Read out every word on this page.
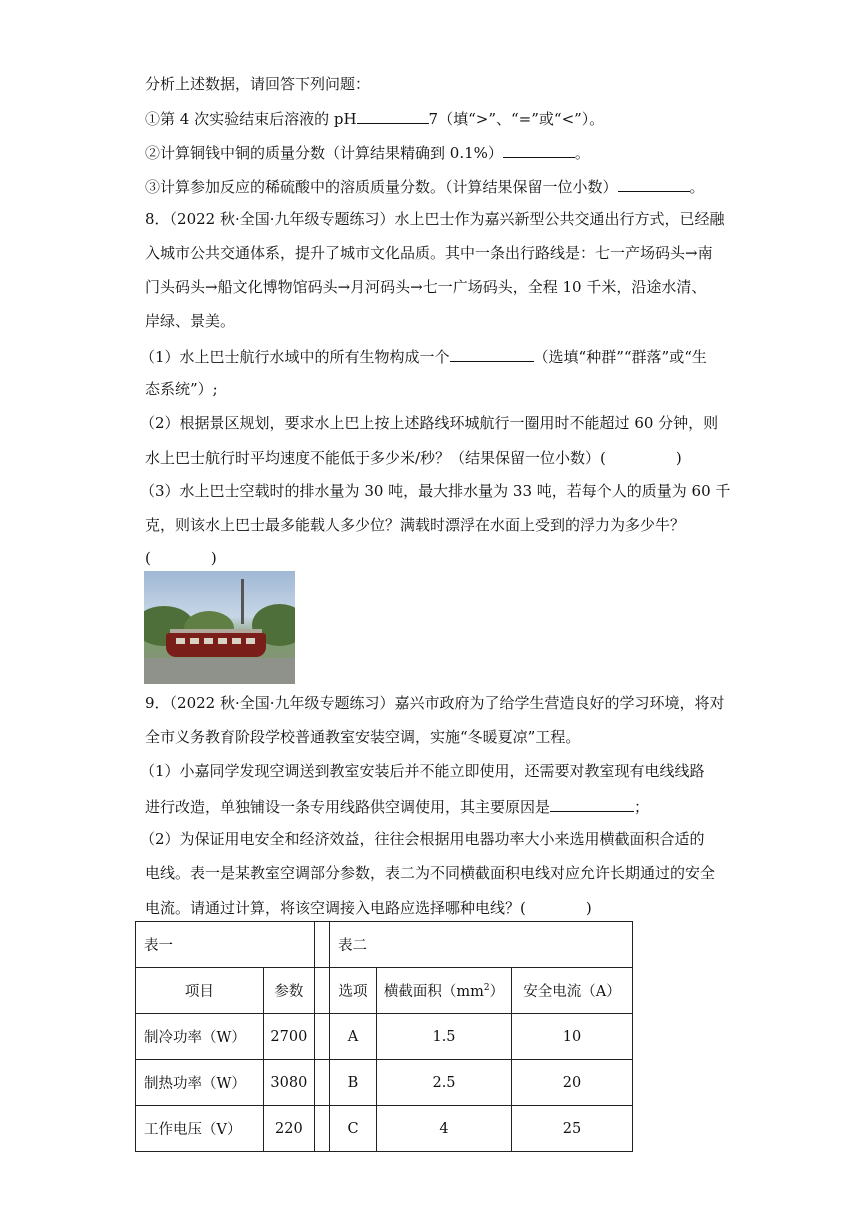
分析上述数据，请回答下列问题：
①第 4 次实验结束后溶液的 pH	7（填“>”、“=”或“<”）。
②计算铜钱中铜的质量分数（计算结果精确到 0.1%）	。
③计算参加反应的稀硫酸中的溶质质量分数。（计算结果保留一位小数）	。
8．（2022 秋·全国·九年级专题练习）水上巴士作为嘉兴新型公共交通出行方式，已经融
入城市公共交通体系，提升了城市文化品质。其中一条出行路线是：七一产场码头→南
门头码头→船文化博物馆码头→月河码头→七一广场码头，全程 10 千米，沿途水清、
岸绿、景美。
（1）水上巴士航行水域中的所有生物构成一个	（选填“种群”“群落”或“生
态系统”）;
（2）根据景区规划，要求水上巴上按上述路线环城航行一圈用时不能超过 60 分钟，则
水上巴士航行时平均速度不能低于多少米/秒？（结果保留一位小数）(	)
（3）水上巴士空载时的排水量为 30 吨，最大排水量为 33 吨，若每个人的质量为 60 千
克，则该水上巴士最多能载人多少位？满载时漂浮在水面上受到的浮力为多少牛？
(	)
9．（2022 秋·全国·九年级专题练习）嘉兴市政府为了给学生营造良好的学习环境，将对
全市义务教育阶段学校普通教室安装空调，实施“冬暖夏凉”工程。
（1）小嘉同学发现空调送到教室安装后并不能立即使用，还需要对教室现有电线线路
进行改造，单独铺设一条专用线路供空调使用，其主要原因是	；
（2）为保证用电安全和经济效益，往往会根据用电器功率大小来选用横截面积合适的
电线。表一是某教室空调部分参数，表二为不同横截面积电线对应允许长期通过的安全
电流。请通过计算，将该空调接入电路应选择哪种电线？(	)
表一			表二		
项目	参数		选项	横截面积$(mm^2)$	安全电流（A）
制冷功率（W）	2700		A	1.5	10
制热功率（W）	3080		B	2.5	20
工作电压（V）	220		C	4	25
